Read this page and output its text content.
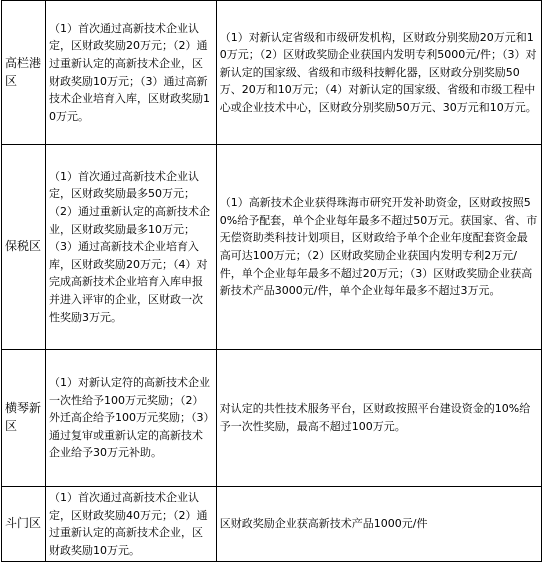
高栏港区	（1）首次通过高新技术企业认定，区财政奖励20万元；（2）通过重新认定的高新技术企业，区财政奖励10万元；（3）通过高新技术企业培育入库，区财政奖励10万元。	（1）对新认定省级和市级研发机构，区财政分别奖励20万元和10万元；（2）区财政奖励企业获国内发明专利5000元/件；（3）对新认定的国家级、省级和市级科技孵化器，区财政分别奖励50万、20万和10万元；（4）对新认定的国家级、省级和市级工程中心或企业技术中心，区财政分别奖励50万元、30万元和10万元。
保税区	（1）首次通过高新技术企业认定，区财政奖励最多50万元；（2）通过重新认定的高新技术企业，区财政奖励最多10万元；（3）通过高新技术企业培育入库，区财政奖励20万元；（4）对完成高新技术企业培育入库申报并进入评审的企业，区财政一次性奖励3万元。	（1）高新技术企业获得珠海市研究开发补助资金，区财政按照50%给予配套，单个企业每年最多不超过50万元。获国家、省、市无偿资助类科技计划项目，区财政给予单个企业年度配套资金最高可达100万元；（2）区财政奖励企业获国内发明专利2万元/件，单个企业每年最多不超过20万元；（3）区财政奖励企业获高新技术产品3000元/件，单个企业每年最多不超过3万元。
横琴新区	（1）对新认定符的高新技术企业一次性给予100万元奖励；（2）外迁高企给予100万元奖励；（3）通过复审或重新认定的高新技术企业给予30万元补助。	对认定的共性技术服务平台，区财政按照平台建设资金的10%给予一次性奖励，最高不超过100万元。
斗门区	（1）首次通过高新技术企业认定，区财政奖励40万元；（2）通过重新认定的高新技术企业，区财政奖励10万元。	区财政奖励企业获高新技术产品1000元/件
